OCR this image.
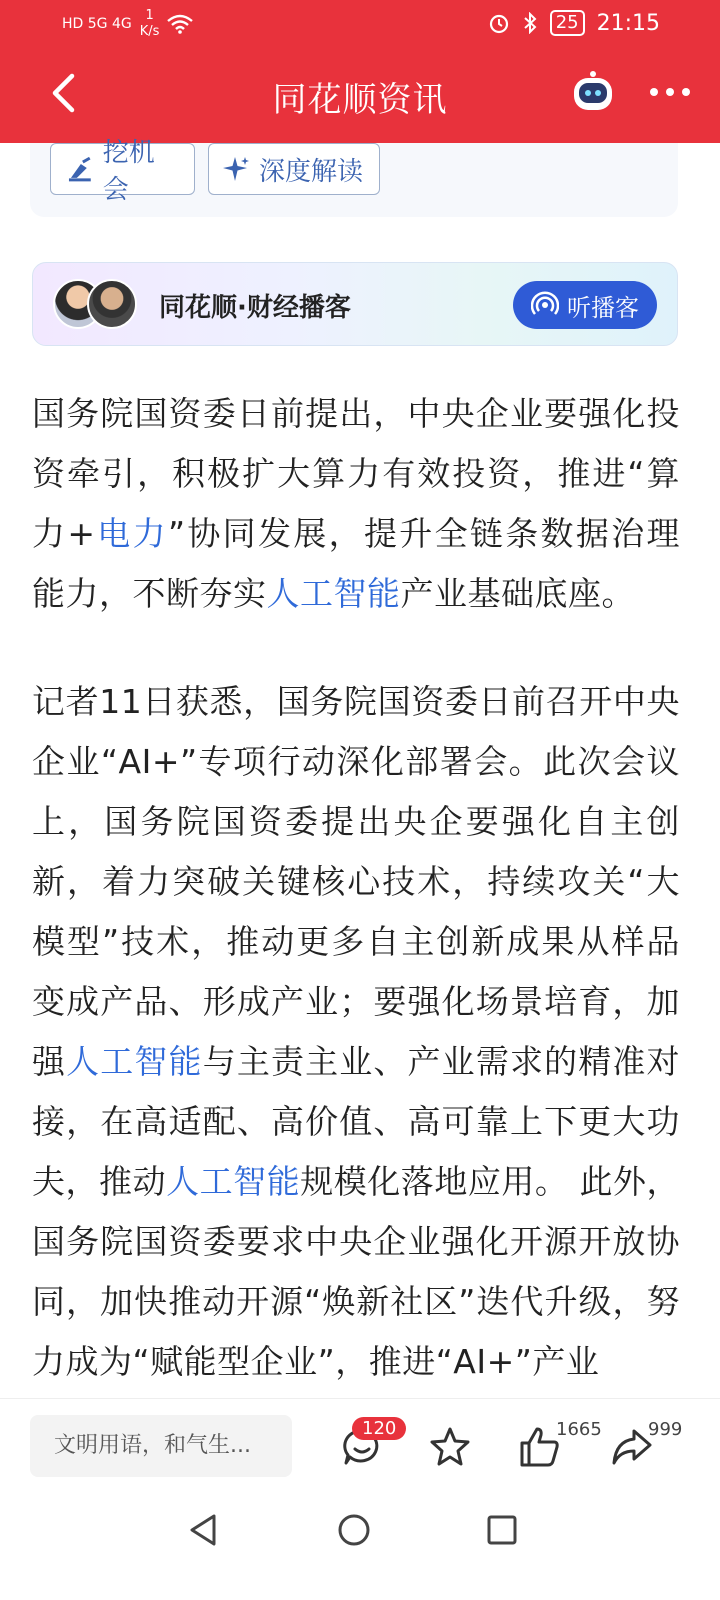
HD 5G 4G
1
K/s	25 21:15
同花顺资讯
挖机会
深度解读
同花顺·财经播客	听播客

国务院国资委日前提出，中央企业要强化投资牵引，积极扩大算力有效投资，推进“算力+电力”协同发展，提升全链条数据治理能力，不断夯实人工智能产业基础底座。

记者11日获悉，国务院国资委日前召开中央企业“AI+”专项行动深化部署会。此次会议上，国务院国资委提出央企要强化自主创新，着力突破关键核心技术，持续攻关“大模型”技术，推动更多自主创新成果从样品变成产品、形成产业；要强化场景培育，加强人工智能与主责主业、产业需求的精准对接，在高适配、高价值、高可靠上下更大功夫，推动人工智能规模化落地应用。 此外，国务院国资委要求中央企业强化开源开放协同，加快推动开源“焕新社区”迭代升级，努力成为“赋能型企业”，推进“AI+”产业

文明用语，和气生...
120	1665	999
